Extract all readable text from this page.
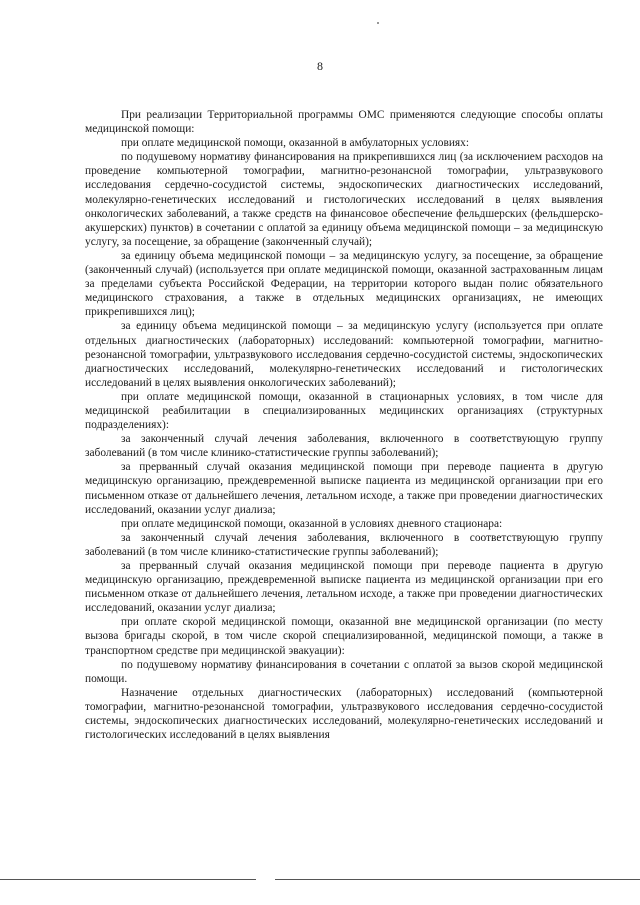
8

При реализации Территориальной программы ОМС применяются следующие способы оплаты медицинской помощи:

при оплате медицинской помощи, оказанной в амбулаторных условиях:

по подушевому нормативу финансирования на прикрепившихся лиц (за исключением расходов на проведение компьютерной томографии, магнитно-резонансной томографии, ультразвукового исследования сердечно-сосудистой системы, эндоскопических диагностических исследований, молекулярно-генетических исследований и гистологических исследований в целях выявления онкологических заболеваний, а также средств на финансовое обеспечение фельдшерских (фельдшерско-акушерских) пунктов) в сочетании с оплатой за единицу объема медицинской помощи – за медицинскую услугу, за посещение, за обращение (законченный случай);

за единицу объема медицинской помощи – за медицинскую услугу, за посещение, за обращение (законченный случай) (используется при оплате медицинской помощи, оказанной застрахованным лицам за пределами субъекта Российской Федерации, на территории которого выдан полис обязательного медицинского страхования, а также в отдельных медицинских организациях, не имеющих прикрепившихся лиц);

за единицу объема медицинской помощи – за медицинскую услугу (используется при оплате отдельных диагностических (лабораторных) исследований: компьютерной томографии, магнитно-резонансной томографии, ультразвукового исследования сердечно-сосудистой системы, эндоскопических диагностических исследований, молекулярно-генетических исследований и гистологических исследований в целях выявления онкологических заболеваний);

при оплате медицинской помощи, оказанной в стационарных условиях, в том числе для медицинской реабилитации в специализированных медицинских организациях (структурных подразделениях):

за законченный случай лечения заболевания, включенного в соответствующую группу заболеваний (в том числе клинико-статистические группы заболеваний);

за прерванный случай оказания медицинской помощи при переводе пациента в другую медицинскую организацию, преждевременной выписке пациента из медицинской организации при его письменном отказе от дальнейшего лечения, летальном исходе, а также при проведении диагностических исследований, оказании услуг диализа;

при оплате медицинской помощи, оказанной в условиях дневного стационара:

за законченный случай лечения заболевания, включенного в соответствующую группу заболеваний (в том числе клинико-статистические группы заболеваний);

за прерванный случай оказания медицинской помощи при переводе пациента в другую медицинскую организацию, преждевременной выписке пациента из медицинской организации при его письменном отказе от дальнейшего лечения, летальном исходе, а также при проведении диагностических исследований, оказании услуг диализа;

при оплате скорой медицинской помощи, оказанной вне медицинской организации (по месту вызова бригады скорой, в том числе скорой специализированной, медицинской помощи, а также в транспортном средстве при медицинской эвакуации):

по подушевому нормативу финансирования в сочетании с оплатой за вызов скорой медицинской помощи.

Назначение отдельных диагностических (лабораторных) исследований (компьютерной томографии, магнитно-резонансной томографии, ультразвукового исследования сердечно-сосудистой системы, эндоскопических диагностических исследований, молекулярно-генетических исследований и гистологических исследований в целях выявления
